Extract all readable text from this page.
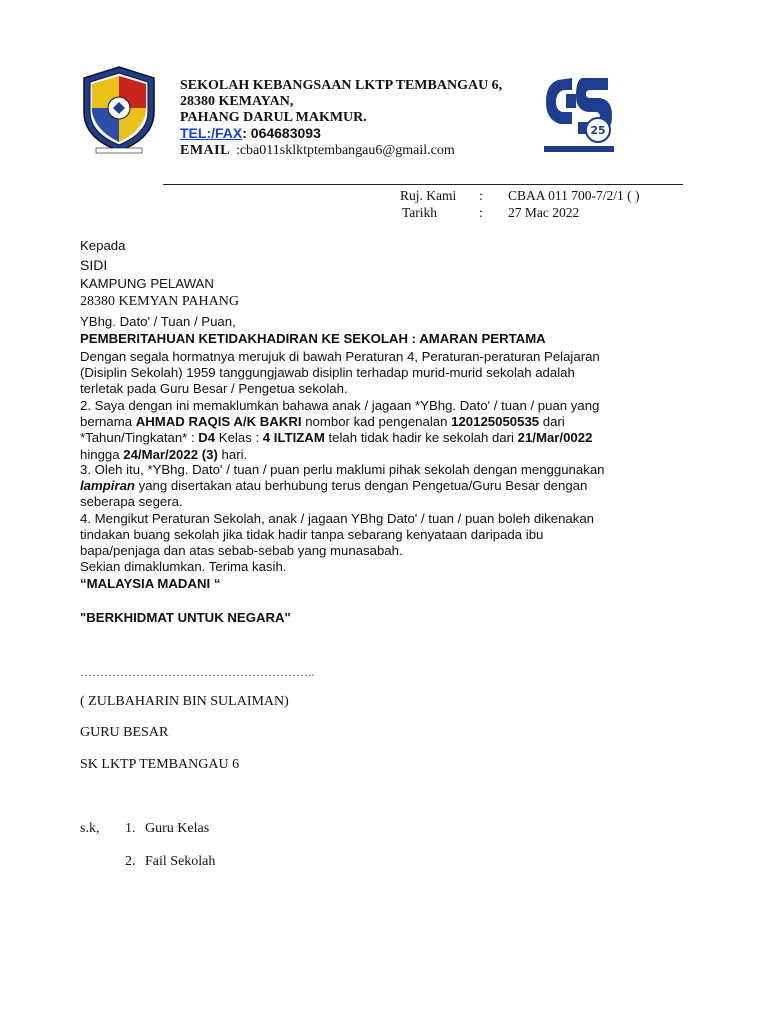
SEKOLAH KEBANGSAAN LKTP TEMBANGAU 6,
28380 KEMAYAN,
PAHANG DARUL MAKMUR.
TEL:/FAX: 064683093
EMAIL :cba011sklktptembangau6@gmail.com
25
Ruj. Kami : CBAA 011 700-7/2/1 ( )
Tarikh	: 27 Mac 2022
Kepada
SIDI
KAMPUNG PELAWAN
28380 KEMYAN PAHANG
YBhg. Dato' / Tuan / Puan,
PEMBERITAHUAN KETIDAKHADIRAN KE SEKOLAH : AMARAN PERTAMA
Dengan segala hormatnya merujuk di bawah Peraturan 4, Peraturan-peraturan Pelajaran (Disiplin Sekolah) 1959 tanggungjawab disiplin terhadap murid-murid sekolah adalah terletak pada Guru Besar / Pengetua sekolah.
2. Saya dengan ini memaklumkan bahawa anak / jagaan *YBhg. Dato' / tuan / puan yang bernama AHMAD RAQIS A/K BAKRI nombor kad pengenalan 120125050535 dari *Tahun/Tingkatan* : D4 Kelas : 4 ILTIZAM telah tidak hadir ke sekolah dari 21/Mar/0022 hingga 24/Mar/2022 (3) hari.
3. Oleh itu, *YBhg. Dato' / tuan / puan perlu maklumi pihak sekolah dengan menggunakan lampiran yang disertakan atau berhubung terus dengan Pengetua/Guru Besar dengan seberapa segera.
4. Mengikut Peraturan Sekolah, anak / jagaan YBhg Dato' / tuan / puan boleh dikenakan tindakan buang sekolah jika tidak hadir tanpa sebarang kenyataan daripada ibu bapa/penjaga dan atas sebab-sebab yang munasabah.
Sekian dimaklumkan. Terima kasih.
“MALAYSIA MADANI “
"BERKHIDMAT UNTUK NEGARA"
…………………………………………………..
( ZULBAHARIN BIN SULAIMAN)
GURU BESAR
SK LKTP TEMBANGAU 6
s.k, 1. Guru Kelas
2. Fail Sekolah
